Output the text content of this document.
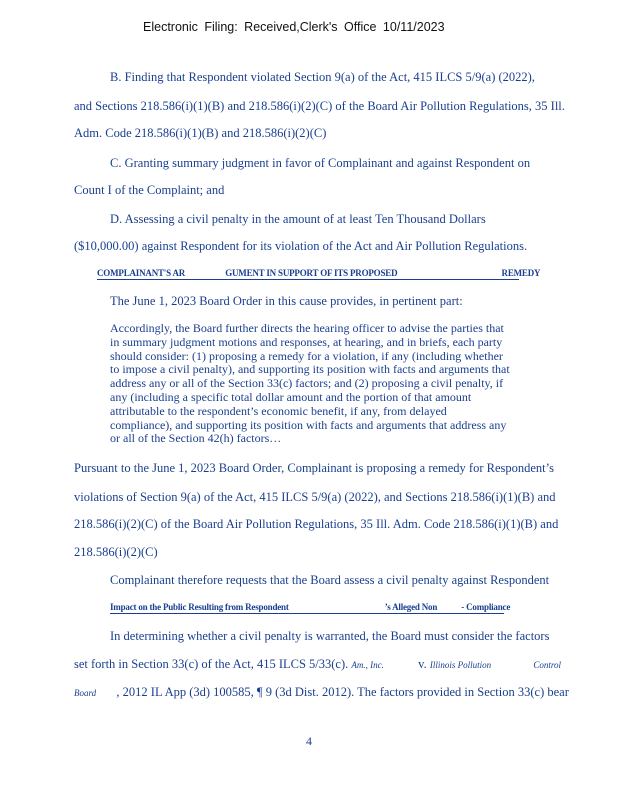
Electronic Filing: Received,Clerk's Office 10/11/2023
B. Finding that Respondent violated Section 9(a) of the Act, 415 ILCS 5/9(a) (2022),
and Sections 218.586(i)(1)(B) and 218.586(i)(2)(C) of the Board Air Pollution Regulations, 35 Ill.
Adm. Code 218.586(i)(1)(B) and 218.586(i)(2)(C)
C. Granting summary judgment in favor of Complainant and against Respondent on
Count I of the Complaint; and
D. Assessing a civil penalty in the amount of at least Ten Thousand Dollars
($10,000.00) against Respondent for its violation of the Act and Air Pollution Regulations.
COMPLAINANT'S AR	GUMENT IN SUPPORT OF ITS PROPOSED	REMEDY
The June 1, 2023 Board Order in this cause provides, in pertinent part:
Accordingly, the Board further directs the hearing officer to advise the parties that
in summary judgment motions and responses, at hearing, and in briefs, each party
should consider: (1) proposing a remedy for a violation, if any (including whether
to impose a civil penalty), and supporting its position with facts and arguments that
address any or all of the Section 33(c) factors; and (2) proposing a civil penalty, if
any (including a specific total dollar amount and the portion of that amount
attributable to the respondent’s economic benefit, if any, from delayed
compliance), and supporting its position with facts and arguments that address any
or all of the Section 42(h) factors…
Pursuant to the June 1, 2023 Board Order, Complainant is proposing a remedy for Respondent’s
violations of Section 9(a) of the Act, 415 ILCS 5/9(a) (2022), and Sections 218.586(i)(1)(B) and
218.586(i)(2)(C) of the Board Air Pollution Regulations, 35 Ill. Adm. Code 218.586(i)(1)(B) and
218.586(i)(2)(C)
Complainant therefore requests that the Board assess a civil penalty against Respondent
Impact on the Public Resulting from Respondent	’s Alleged Non	- Compliance
In determining whether a civil penalty is warranted, the Board must consider the factors
set forth in Section 33(c) of the Act, 415 ILCS 5/33(c). Am., Inc.	v. Illinois Pollution	Control
Board , 2012 IL App (3d) 100585, ¶ 9 (3d Dist. 2012). The factors provided in Section 33(c) bear
4
